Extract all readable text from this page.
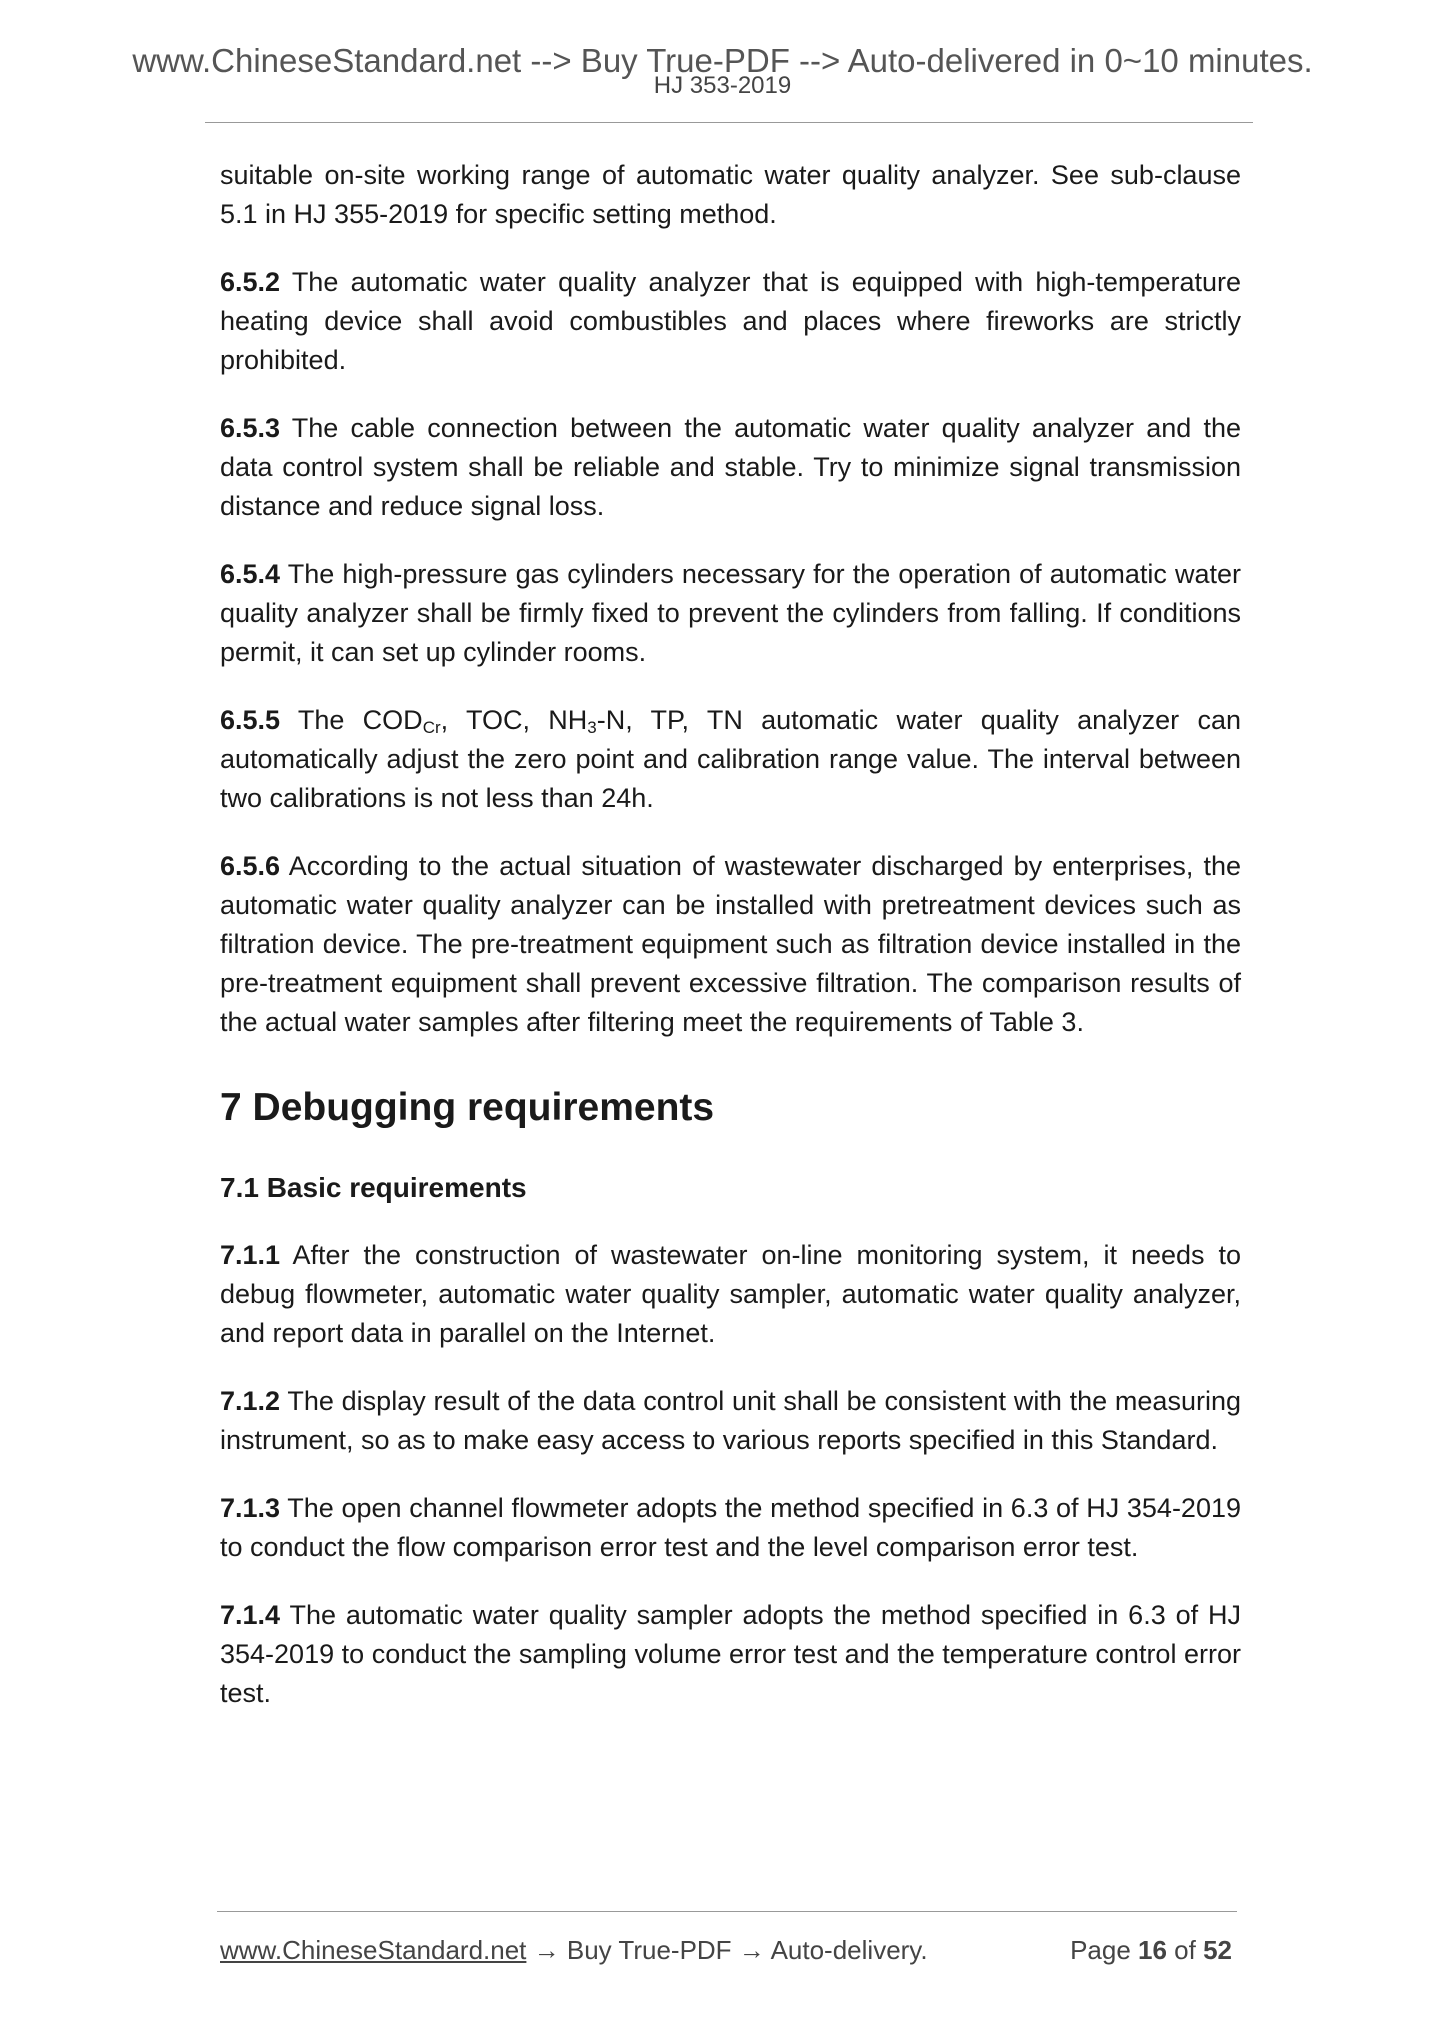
www.ChineseStandard.net --> Buy True-PDF --> Auto-delivered in 0~10 minutes.
HJ 353-2019

suitable on-site working range of automatic water quality analyzer. See sub-clause 5.1 in HJ 355-2019 for specific setting method.

6.5.2 The automatic water quality analyzer that is equipped with high-temperature heating device shall avoid combustibles and places where fireworks are strictly prohibited.

6.5.3 The cable connection between the automatic water quality analyzer and the data control system shall be reliable and stable. Try to minimize signal transmission distance and reduce signal loss.

6.5.4 The high-pressure gas cylinders necessary for the operation of automatic water quality analyzer shall be firmly fixed to prevent the cylinders from falling. If conditions permit, it can set up cylinder rooms.

6.5.5 The $COD_{Cr}$, TOC, $NH_3-N$, TP, TN automatic water quality analyzer can automatically adjust the zero point and calibration range value. The interval between two calibrations is not less than 24h.

6.5.6 According to the actual situation of wastewater discharged by enterprises, the automatic water quality analyzer can be installed with pretreatment devices such as filtration device. The pre-treatment equipment such as filtration device installed in the pre-treatment equipment shall prevent excessive filtration. The comparison results of the actual water samples after filtering meet the requirements of Table 3.

7 Debugging requirements
7.1 Basic requirements

7.1.1 After the construction of wastewater on-line monitoring system, it needs to debug flowmeter, automatic water quality sampler, automatic water quality analyzer, and report data in parallel on the Internet.

7.1.2 The display result of the data control unit shall be consistent with the measuring instrument, so as to make easy access to various reports specified in this Standard.

7.1.3 The open channel flowmeter adopts the method specified in 6.3 of HJ 354-2019 to conduct the flow comparison error test and the level comparison error test.

7.1.4 The automatic water quality sampler adopts the method specified in 6.3 of HJ 354-2019 to conduct the sampling volume error test and the temperature control error test.

www.ChineseStandard.net → Buy True-PDF → Auto-delivery.	Page 16 of 52
